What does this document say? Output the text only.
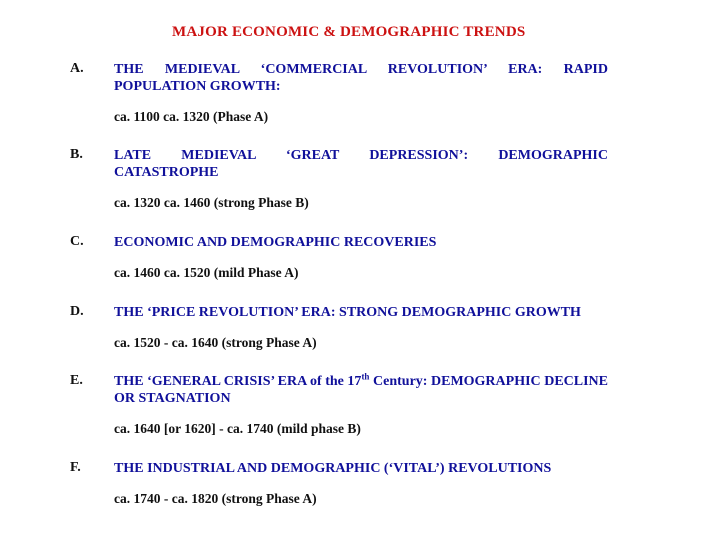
MAJOR ECONOMIC & DEMOGRAPHIC TRENDS
A. THE MEDIEVAL ‘COMMERCIAL REVOLUTION’ ERA: RAPID POPULATION GROWTH:
ca. 1100 ca. 1320 (Phase A)
B. LATE MEDIEVAL ‘GREAT DEPRESSION’: DEMOGRAPHIC CATASTROPHE
ca. 1320 ca. 1460 (strong Phase B)
C. ECONOMIC AND DEMOGRAPHIC RECOVERIES
ca. 1460 ca. 1520 (mild Phase A)
D. THE ‘PRICE REVOLUTION’ ERA: STRONG DEMOGRAPHIC GROWTH
ca. 1520 - ca. 1640 (strong Phase A)
E. THE ‘GENERAL CRISIS’ ERA of the 17th Century: DEMOGRAPHIC DECLINE OR STAGNATION
ca. 1640 [or 1620] - ca. 1740 (mild phase B)
F. THE INDUSTRIAL AND DEMOGRAPHIC (‘VITAL’) REVOLUTIONS
ca. 1740 - ca. 1820 (strong Phase A)
